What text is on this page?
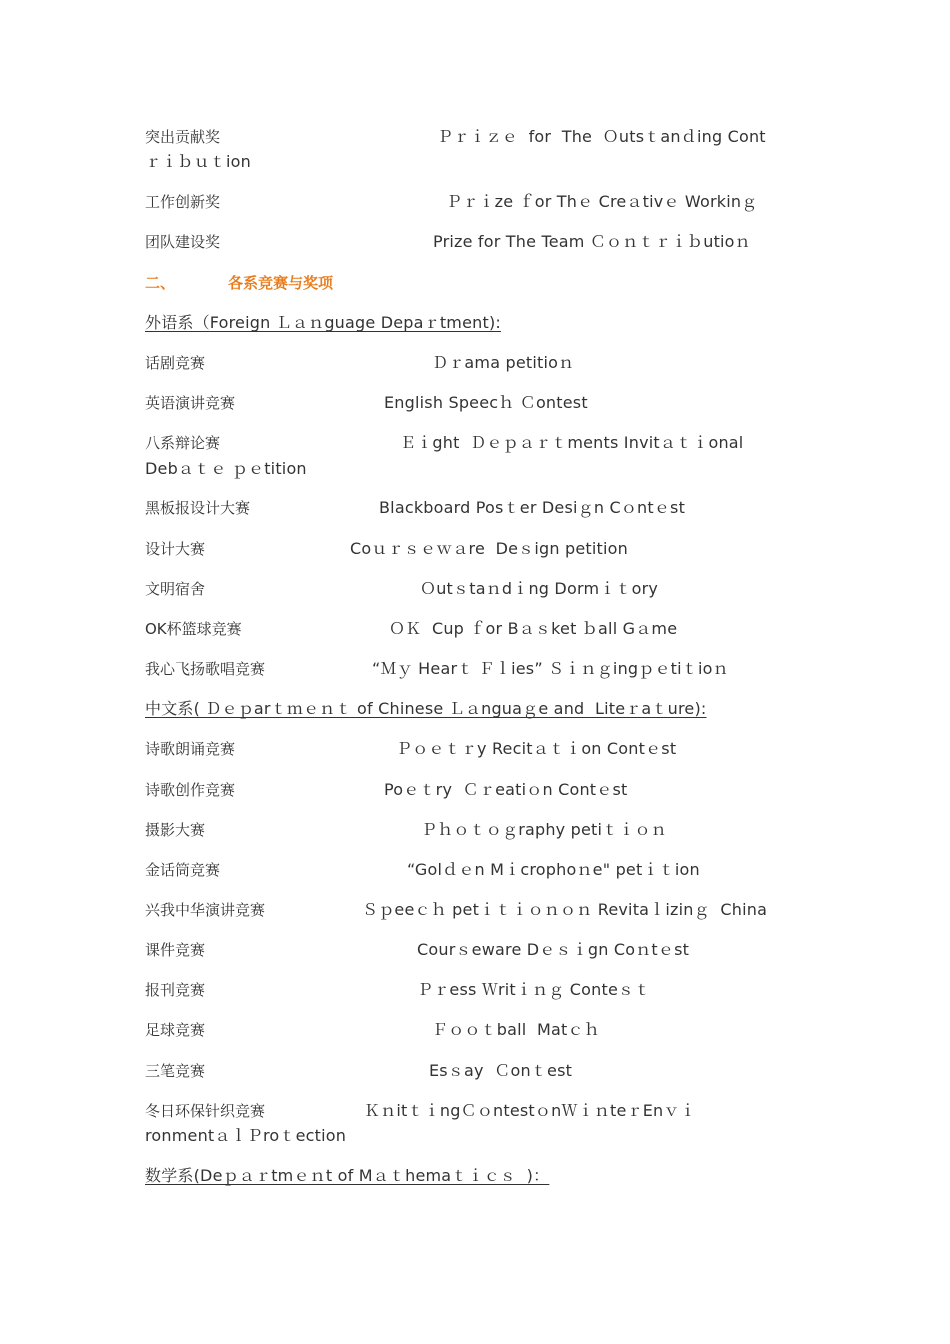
突出贡献奖	Ｐｒｉｚｅ  for  The  Ｏutsｔanｄing Cont
ｒｉｂｕｔion
工作创新奖	Ｐｒｉze ｆor Thｅ Creａtivｅ Workinｇ
团队建设奖	Prize for The Team Ｃｏｎｔｒｉｂutioｎ
二、	各系竞赛与奖项
外语系（Foreign Ｌａｎguage Depaｒtment):
话剧竞赛	Ｄｒama petitioｎ
英语演讲竞赛	English Speecｈ Ｃontest
八系辩论赛	Ｅｉght  Ｄｅｐａｒｔments Invitａｔｉonal
Debａｔｅ ｐｅtition
黑板报设计大赛	Blackboard Posｔer Desiｇn Cｏntｅst
设计大赛	Coｕｒｓｅｗａre  Deｓign petition
文明宿舍	Ｏutｓtaｎdｉng Dormｉｔory
OK杯篮球竞赛	ＯＫ  Cup ｆor Bａｓket ｂall Gａme
我心飞扬歌唱竞赛	“Ｍｙ Hearｔ Ｆｌies” Ｓｉｎｇingｐｅtiｔioｎ
中文系( Ｄｅｐarｔｍｅｎｔ of Chinese Ｌａnguaｇe and  Liteｒaｔure):
诗歌朗诵竞赛	Ｐｏｅｔｒy Recitａｔｉon Contｅst
诗歌创作竞赛	Poｅｔry  Ｃｒeatiｏn Contｅst
摄影大赛	Ｐｈｏｔｏｇraphy petiｔｉｏｎ
金话筒竞赛	“Golｄｅn Mｉcrophoｎe" petｉｔion
兴我中华演讲竞赛	Ｓｐeeｃｈ petｉｔｉｏｎｏｎ Revitaｌizinｇ  China
课件竞赛	Courｓeware Dｅｓｉgn Coｎtｅst
报刊竞赛	Ｐｒess Ｗritｉｎｇ Conteｓｔ
足球竞赛	Ｆｏｏｔball  Matｃｈ
三笔竞赛	Esｓay  Ｃonｔest
冬日环保针织竞赛	ＫｎitｔｉngＣｏntestｏnＷｉｎteｒEnｖｉ
ronmentａｌＰroｔection
数学系(Deｐａｒtmｅｎt of Mａｔhemaｔｉｃｓ  )：
